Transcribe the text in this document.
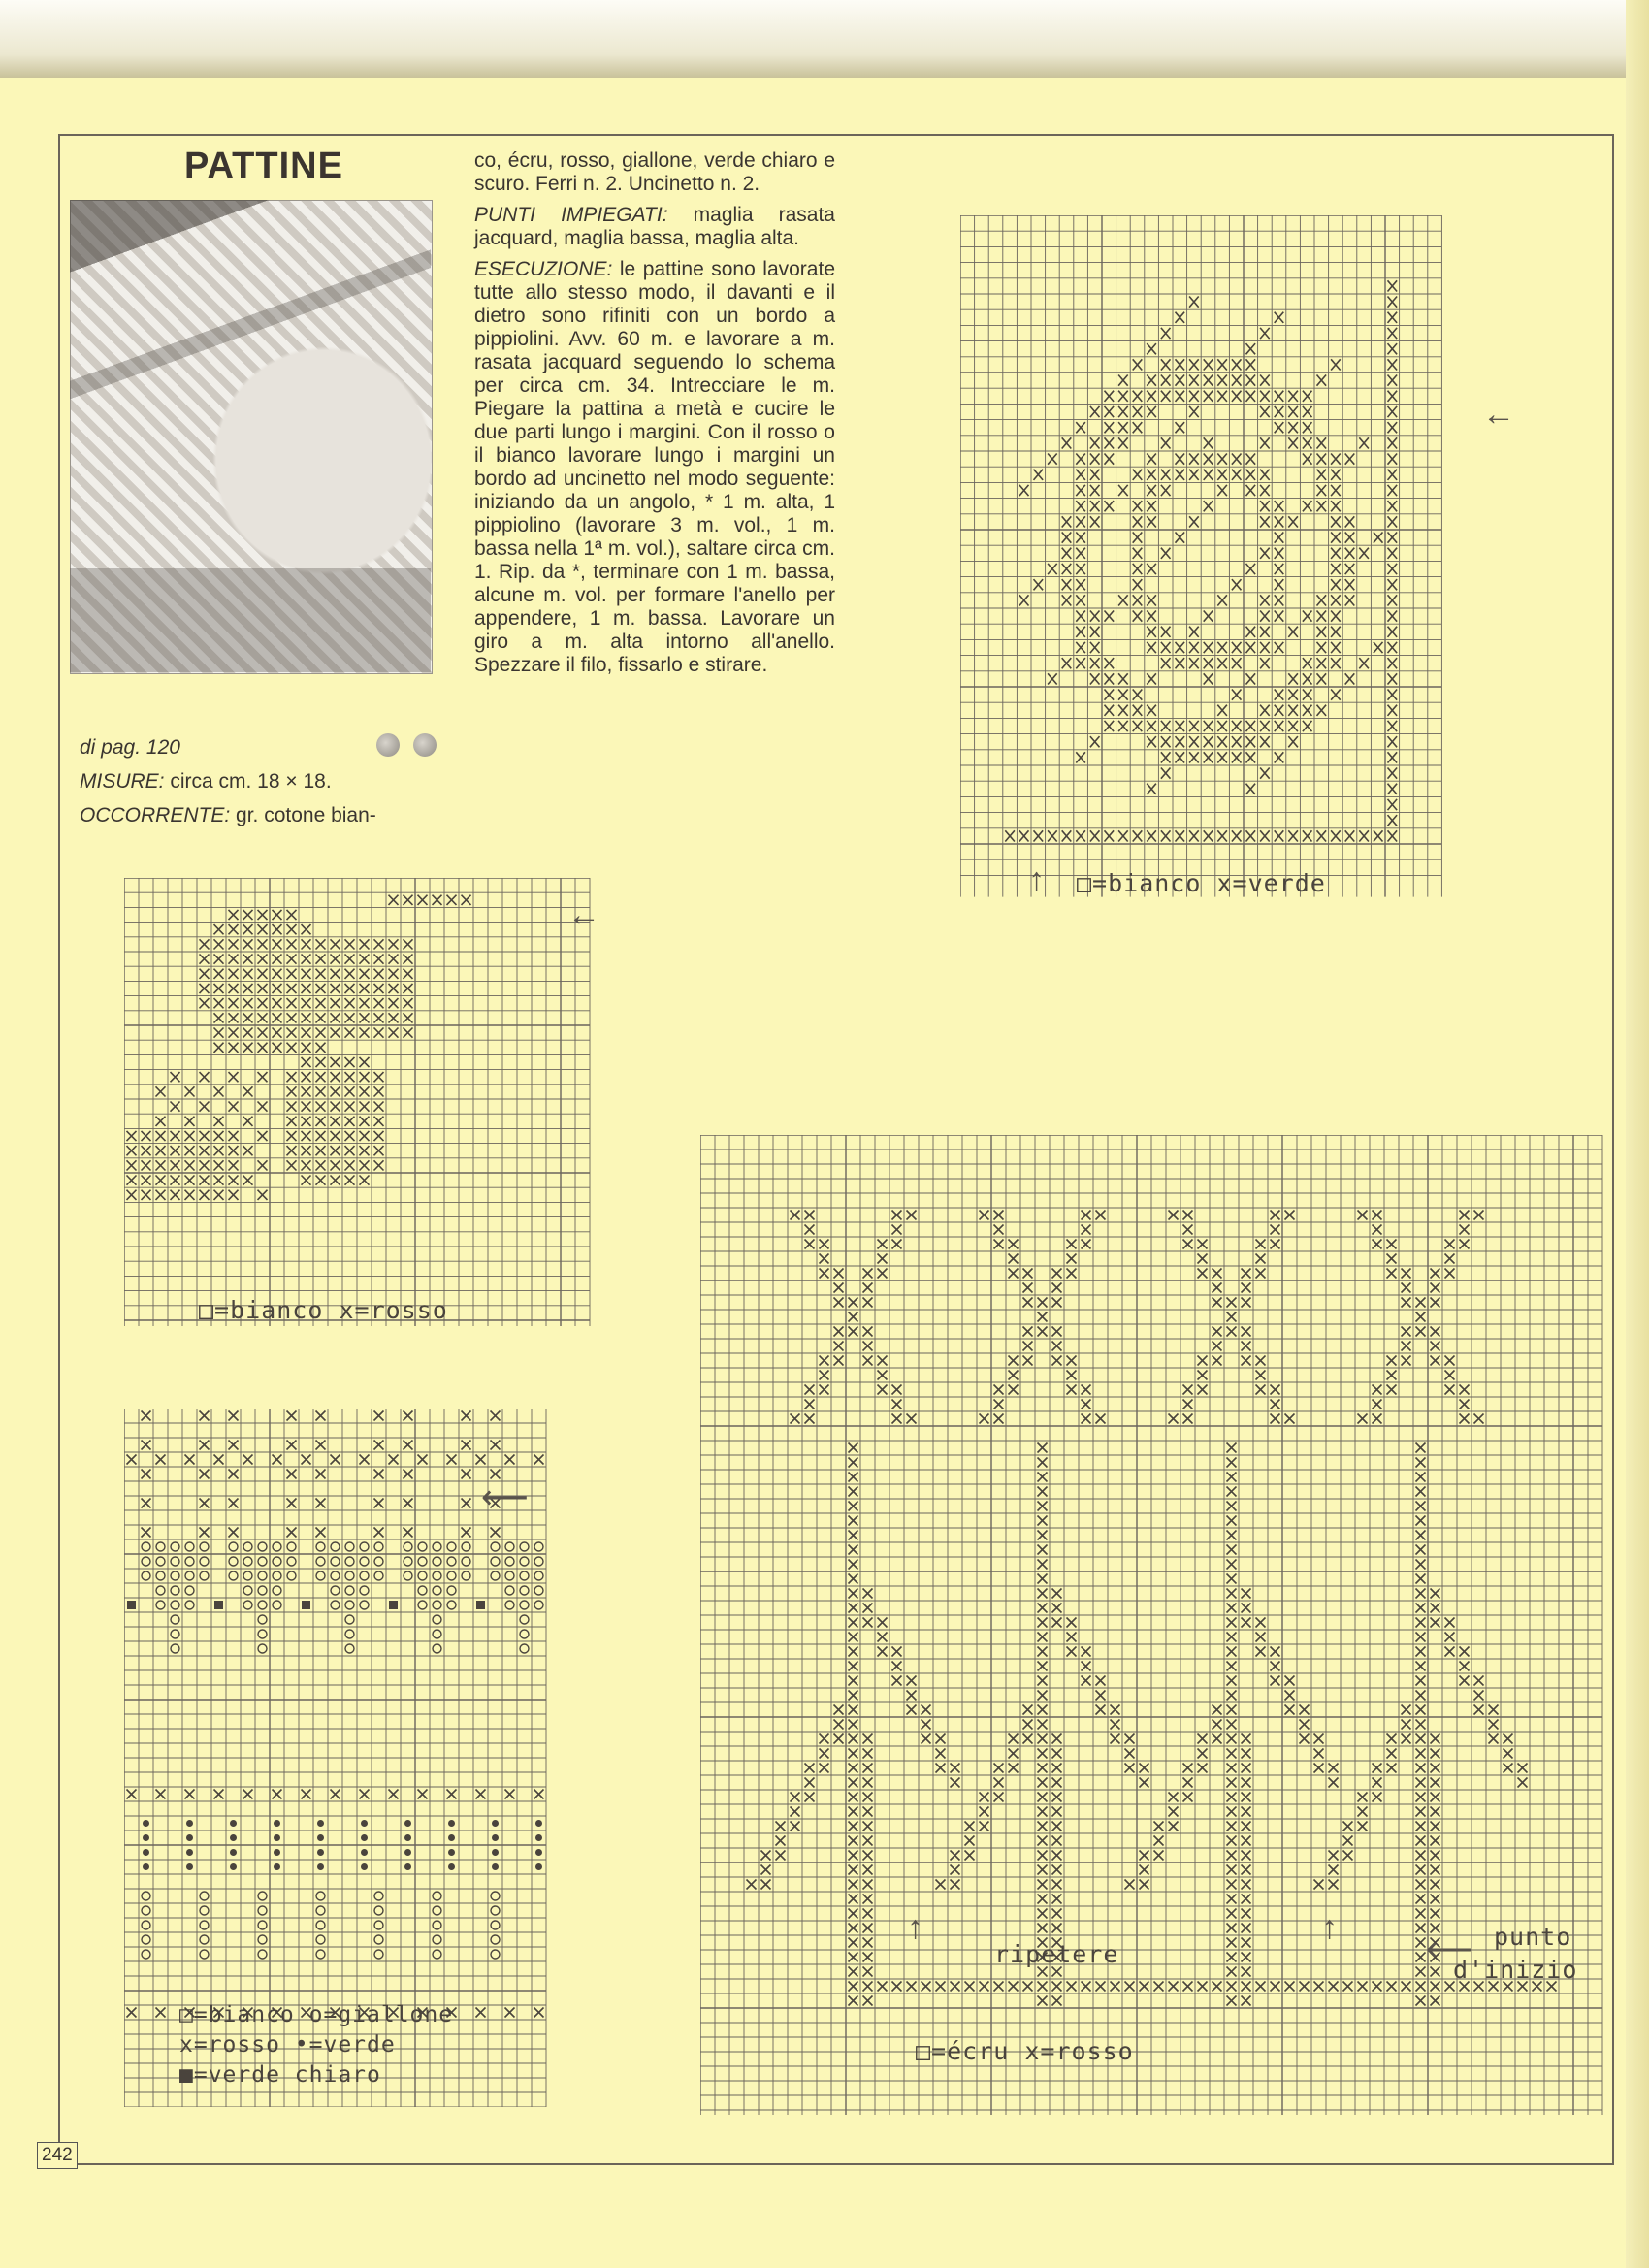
PATTINE

di pag. 120

MISURE: circa cm. 18 × 18.

OCCORRENTE: gr. cotone bian-

co, écru, rosso, giallone, verde chiaro e scuro. Ferri n. 2. Uncinetto n. 2.

PUNTI IMPIEGATI: maglia rasata jacquard, maglia bassa, maglia alta.

ESECUZIONE: le pattine sono lavorate tutte allo stesso modo, il davanti e il dietro sono rifiniti con un bordo a pippiolini. Avv. 60 m. e lavorare a m. rasata jacquard seguendo lo schema per circa cm. 34. Intrecciare le m. Piegare la pattina a metà e cucire le due parti lungo i margini. Con il rosso o il bianco lavorare lungo i margini un bordo ad uncinetto nel modo seguente: iniziando da un angolo, * 1 m. alta, 1 pippiolino (lavorare 3 m. vol., 1 m. bassa nella 1ª m. vol.), saltare circa cm. 1. Rip. da *, terminare con 1 m. bassa, alcune m. vol. per formare l'anello per appendere, 1 m. bassa. Lavorare un giro a m. alta intorno all'anello. Spezzare il filo, fissarlo e stirare.

←
↑ □=bianco x=verde
←
□=bianco x=rosso
⟵
□=bianco o=giallone
x=rosso •=verde
■=verde chiaro
↑	↑
⟵
ripetere
punto
d'inizio
□=écru x=rosso
242
